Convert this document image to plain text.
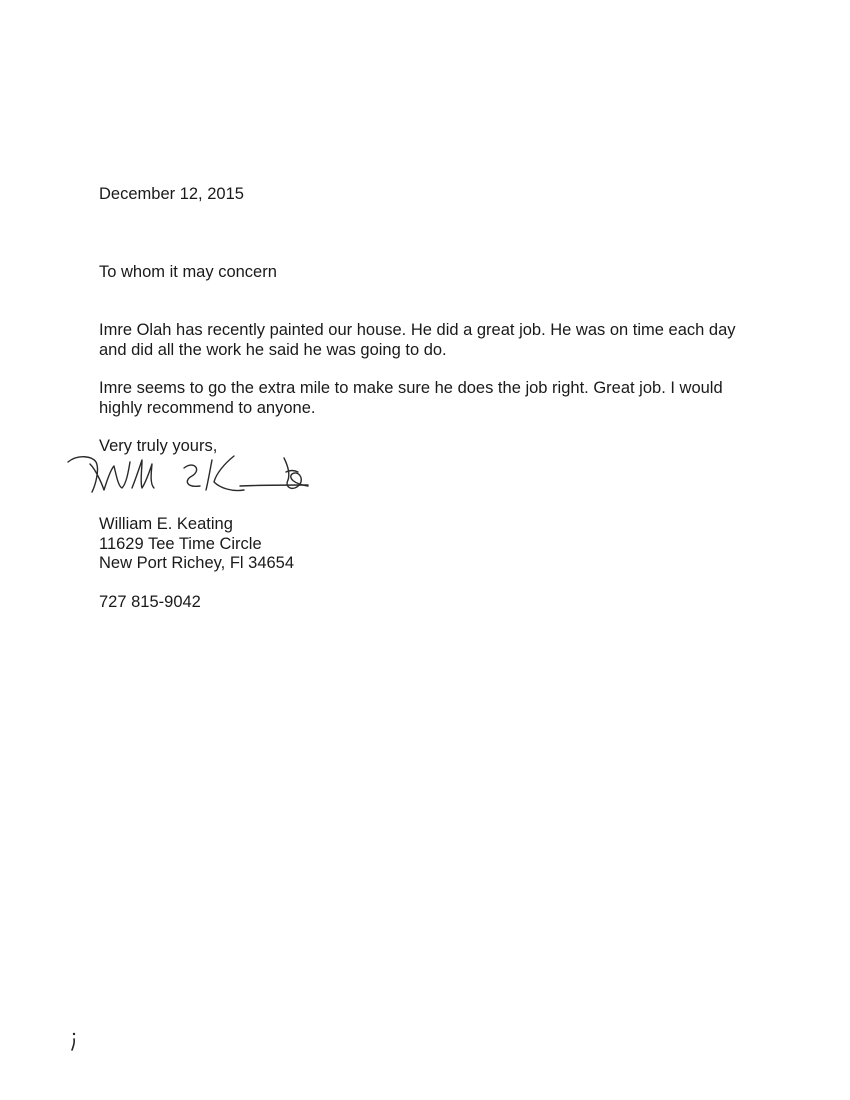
December 12, 2015

To whom it may concern

Imre Olah has recently painted our house. He did a great job. He was on time each day and did all the work he said he was going to do.

Imre seems to go the extra mile to make sure he does the job right. Great job. I would highly recommend to anyone.

Very truly yours,

William E. Keating

11629 Tee Time Circle

New Port Richey, Fl 34654

727 815-9042
